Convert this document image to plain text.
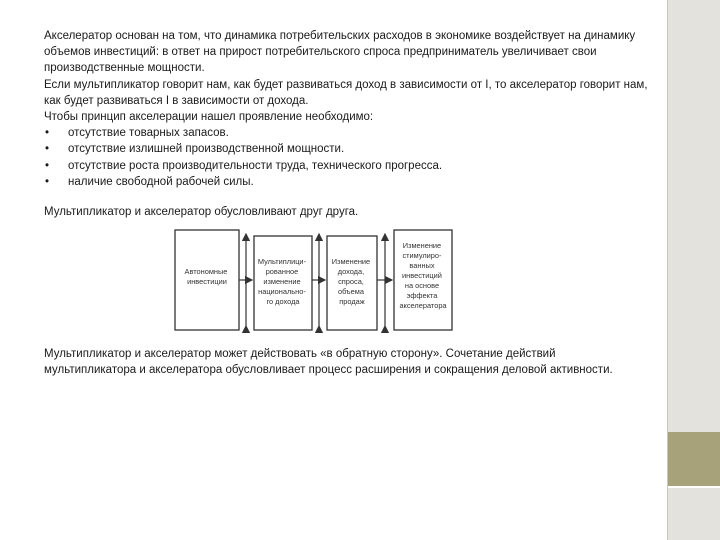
Акселератор основан на том, что динамика потребительских расходов в экономике воздействует на динамику объемов инвестиций: в ответ на прирост потребительского спроса предприниматель увеличивает свои производственные мощности.

Если мультипликатор говорит нам, как будет развиваться доход в зависимости от I, то акселератор говорит нам, как будет развиваться I в зависимости от дохода.

Чтобы принцип акселерации нашел проявление необходимо:

• отсутствие товарных запасов.
• отсутствие излишней производственной мощности.
• отсутствие роста производительности труда, технического прогресса.
• наличие свободной рабочей силы.

Мультипликатор и акселератор обусловливают друг друга.

Автономные инвестиции
Мультиплици- рованное изменение национально- го дохода
Изменение дохода, спроса, объема продаж
Изменение стимулиро- ванных инвестиций на основе эффекта акселератора

Мультипликатор и акселератор может действовать «в обратную сторону». Сочетание действий мультипликатора и акселератора обусловливает процесс расширения и сокращения деловой активности.
